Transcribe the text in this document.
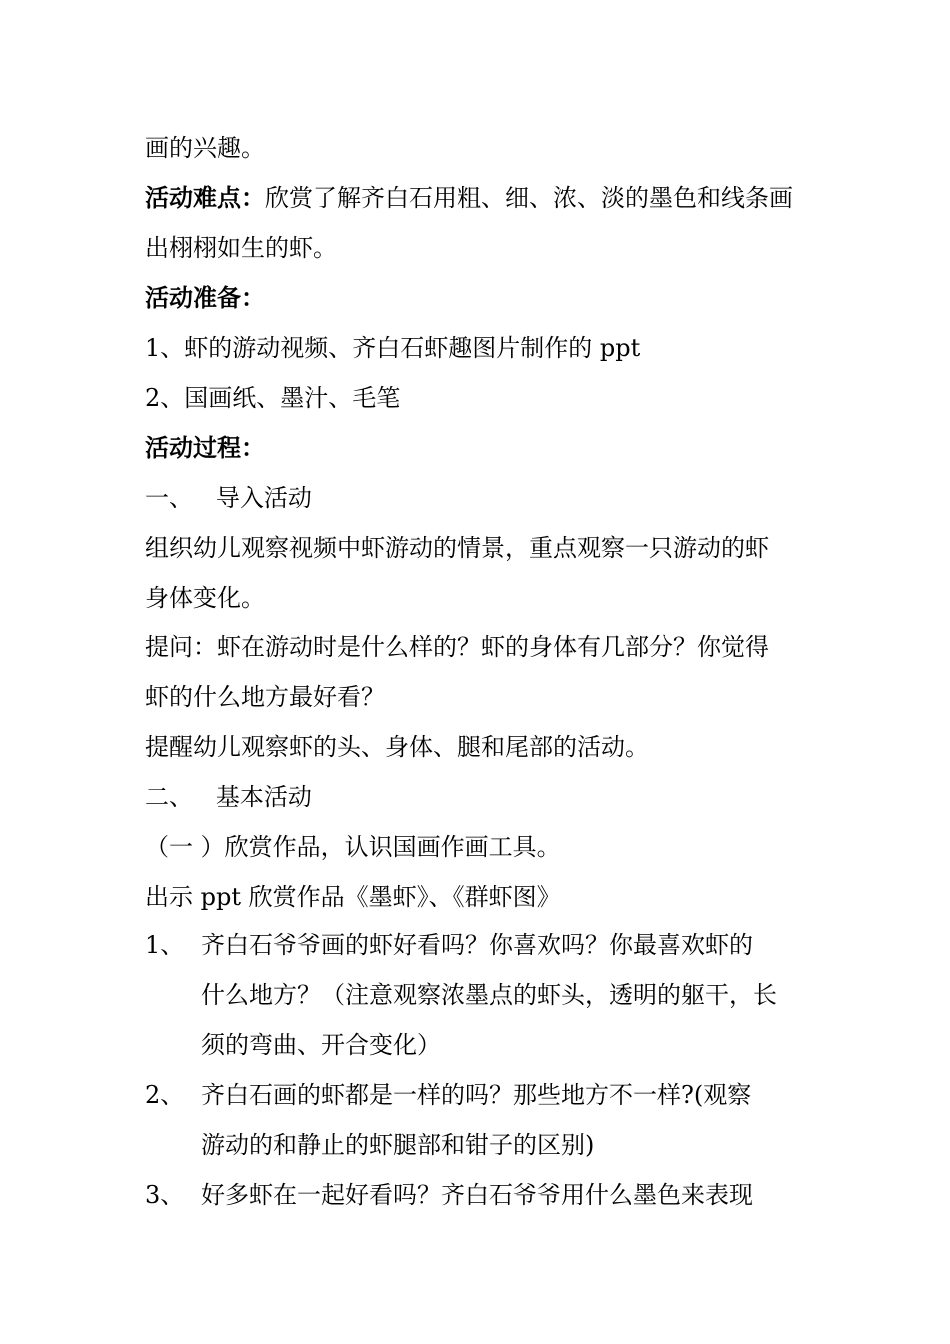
画的兴趣。
活动难点：欣赏了解齐白石用粗、细、浓、淡的墨色和线条画
出栩栩如生的虾。
活动准备：
1、虾的游动视频、齐白石虾趣图片制作的 ppt
2、国画纸、墨汁、毛笔
活动过程：
一、   导入活动
组织幼儿观察视频中虾游动的情景，重点观察一只游动的虾
身体变化。
提问：虾在游动时是什么样的？虾的身体有几部分？你觉得
虾的什么地方最好看？
提醒幼儿观察虾的头、身体、腿和尾部的活动。
二、   基本活动
（一 ）欣赏作品，认识国画作画工具。
出示 ppt 欣赏作品《墨虾》、《群虾图》
1、 齐白石爷爷画的虾好看吗？你喜欢吗？你最喜欢虾的
什么地方？（注意观察浓墨点的虾头，透明的躯干，长
须的弯曲、开合变化）
2、 齐白石画的虾都是一样的吗？那些地方不一样?(观察
游动的和静止的虾腿部和钳子的区别)
3、 好多虾在一起好看吗？齐白石爷爷用什么墨色来表现
